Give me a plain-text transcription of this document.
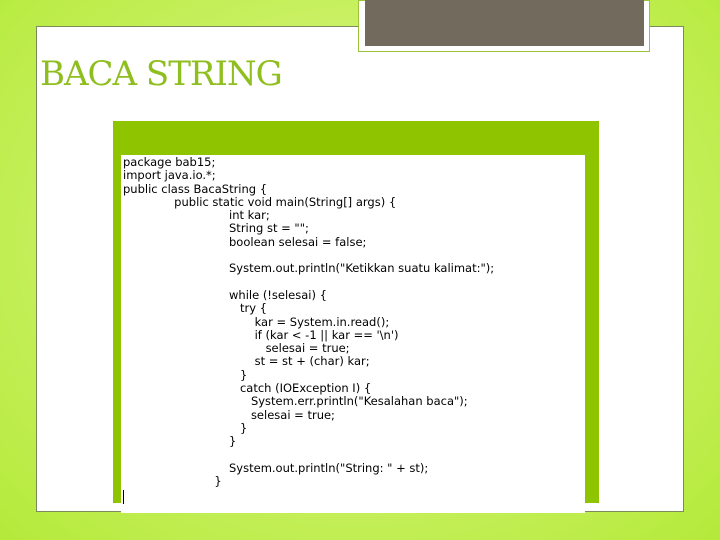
BACA STRING
package bab15;
import java.io.*;
public class BacaString {
public static void main(String[] args) {
int kar;
String st = "";
boolean selesai = false;

System.out.println("Ketikkan suatu kalimat:");

while (!selesai) {
try {
kar = System.in.read();
if (kar < -1 || kar == '\n')
selesai = true;
st = st + (char) kar;
}
catch (IOException I) {
System.err.println("Kesalahan baca");
selesai = true;
}
}

System.out.println("String: " + st);
}
